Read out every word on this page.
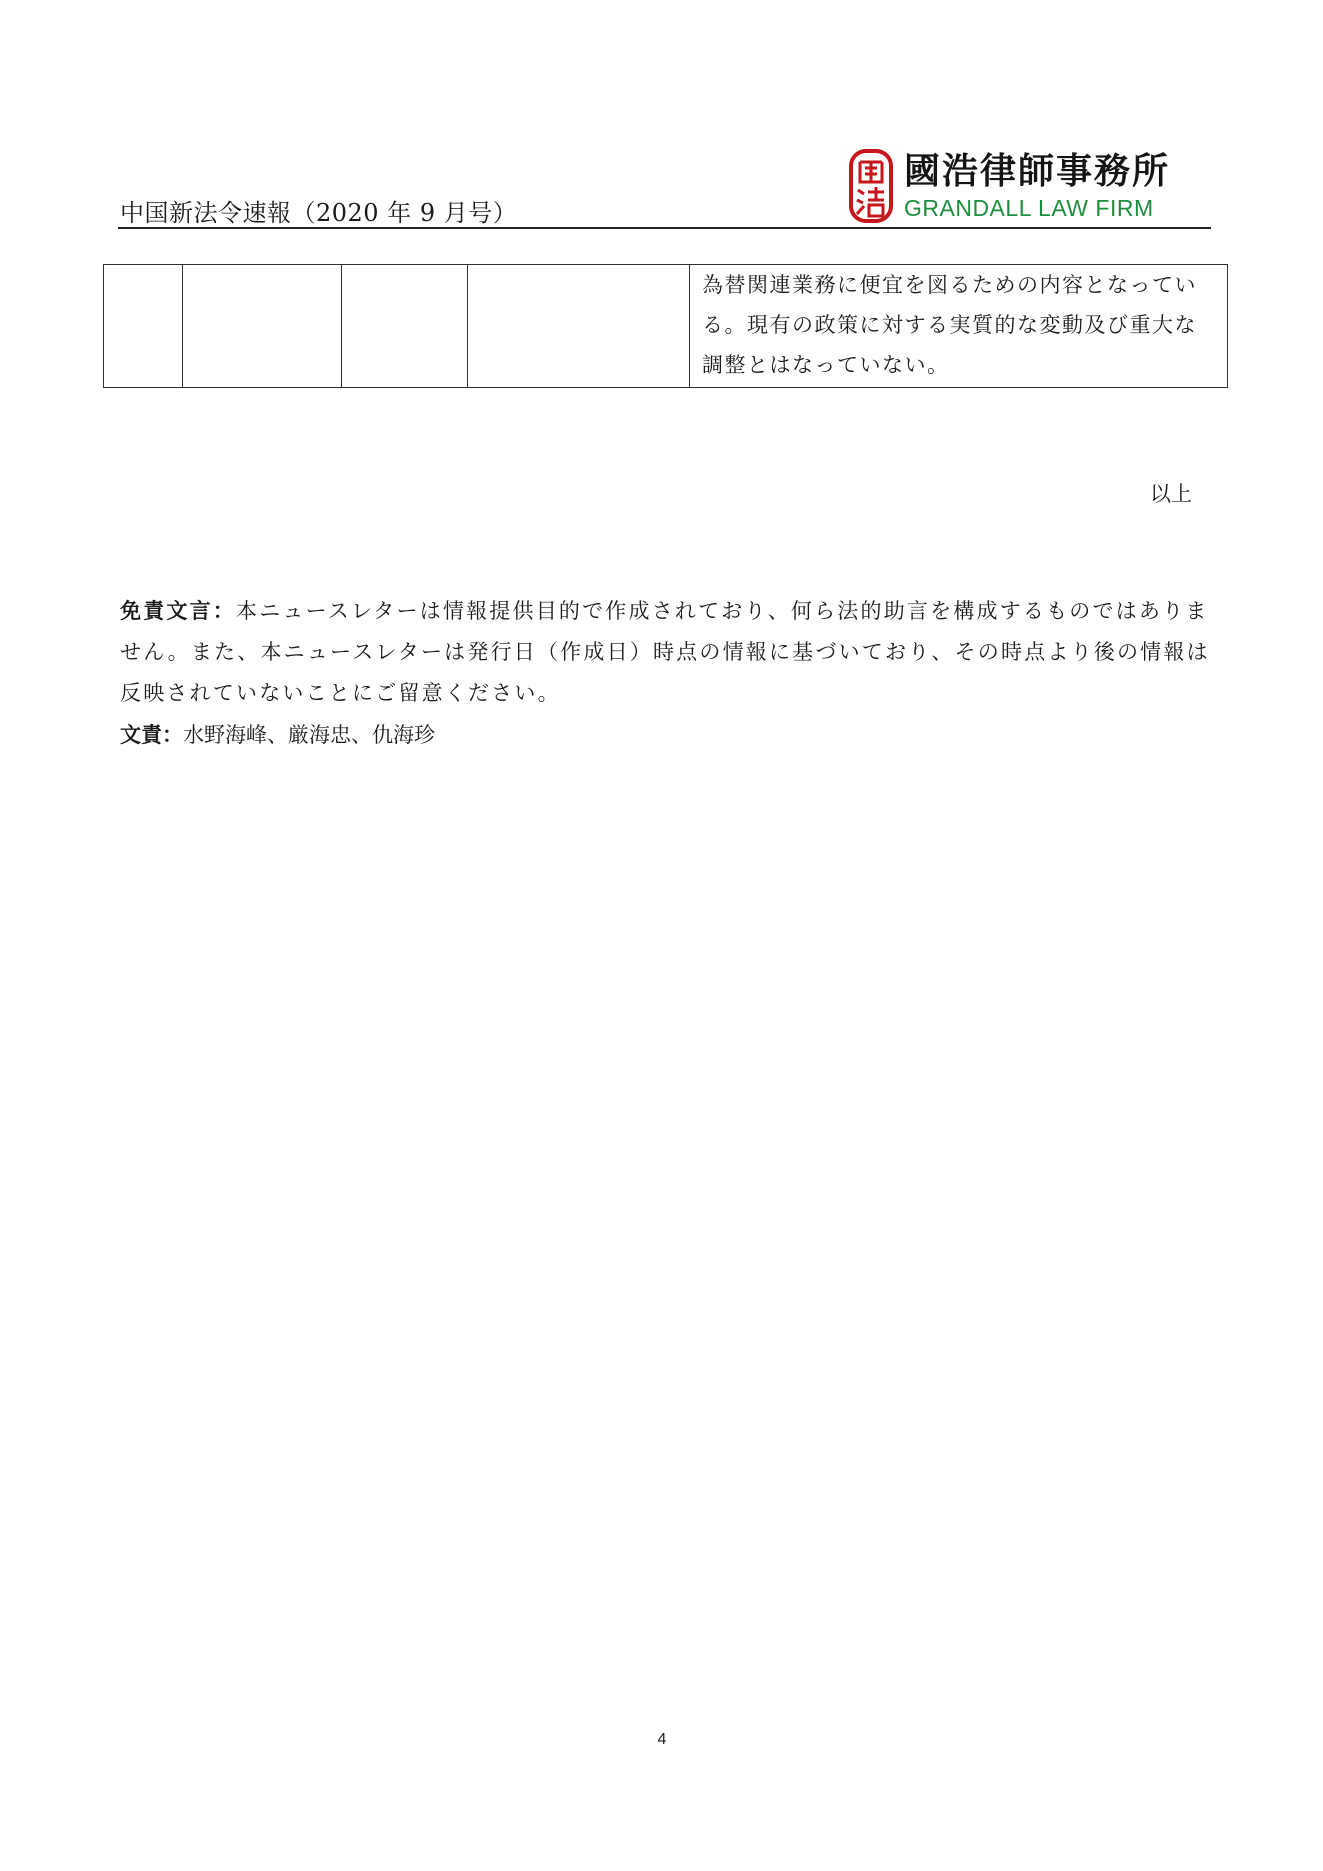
中国新法令速報（2020 年 9 月号）
國浩律師事務所
GRANDALL LAW FIRM

為替関連業務に便宜を図るための内容となっている。現有の政策に対する実質的な変動及び重大な調整とはなっていない。
以上
免責文言：本ニュースレターは情報提供目的で作成されており、何ら法的助言を構成するものではありません。また、本ニュースレターは発行日（作成日）時点の情報に基づいており、その時点より後の情報は反映されていないことにご留意ください。
文責：水野海峰、厳海忠、仇海珍
4
